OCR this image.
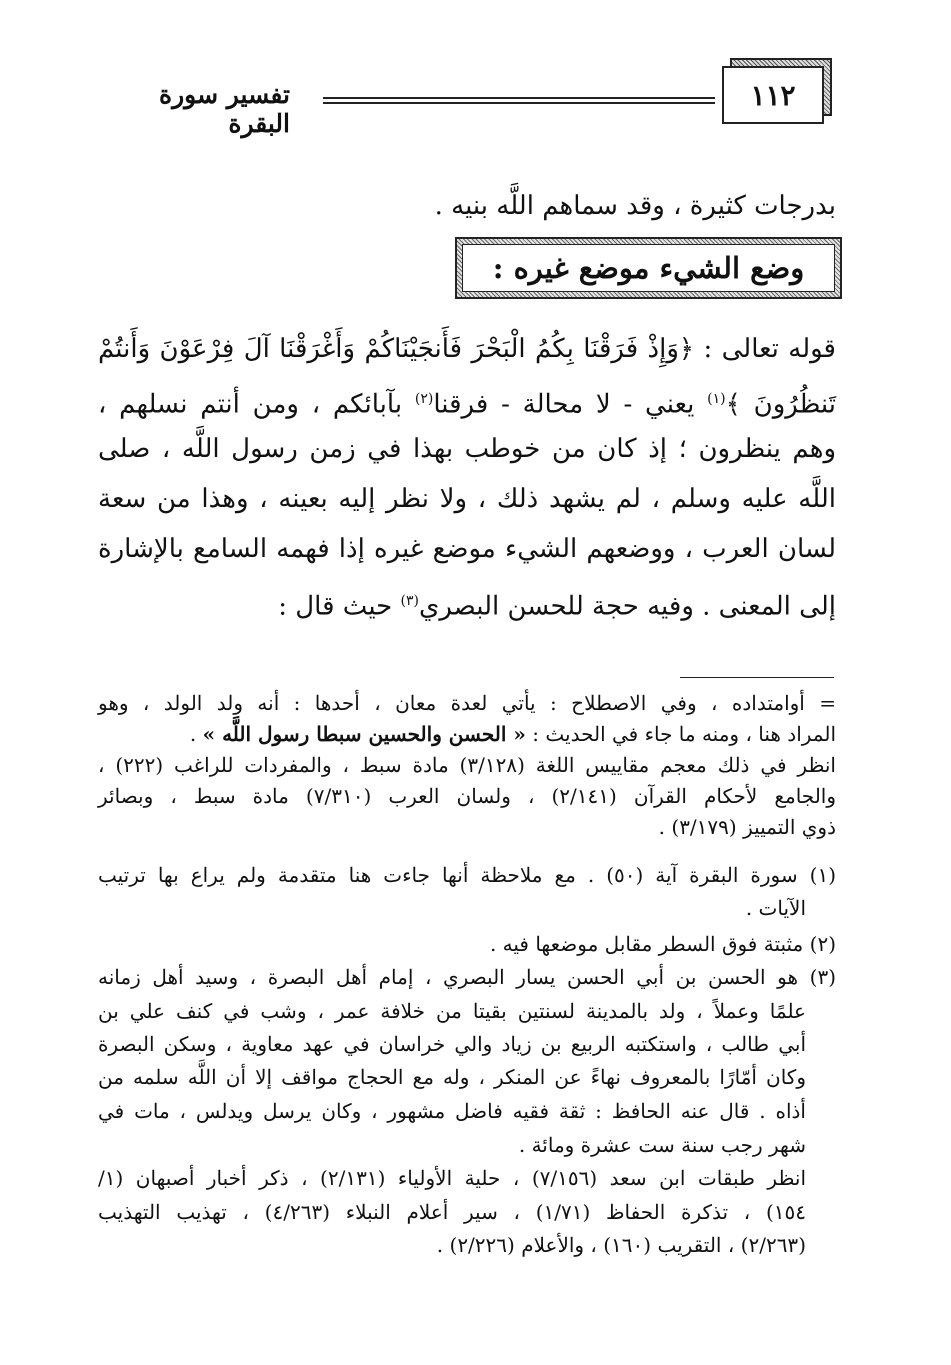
١١٢
تفسير سورة البقرة
بدرجات كثيرة ، وقد سماهم اللَّه بنيه .
وضع الشيء موضع غيره :
قوله تعالى : ﴿وَإِذْ فَرَقْنَا بِكُمُ الْبَحْرَ فَأَنجَيْنَاكُمْ وَأَغْرَقْنَا آلَ فِرْعَوْنَ وَأَنتُمْ
تَنظُرُونَ ﴾$^{(١)}$ يعني - لا محالة - فرقنا$^{(٢)}$ بآبائكم ، ومن أنتم نسلهم ،
وهم ينظرون ؛ إذ كان من خوطب بهذا في زمن رسول اللَّه ، صلى
اللَّه عليه وسلم ، لم يشهد ذلك ، ولا نظر إليه بعينه ، وهذا من سعة
لسان العرب ، ووضعهم الشيء موضع غيره إذا فهمه السامع بالإشارة
إلى المعنى . وفيه حجة للحسن البصري$^{(٣)}$ حيث قال :
= أوامتداده ، وفي الاصطلاح : يأتي لعدة معان ، أحدها : أنه ولد الولد ، وهو
المراد هنا ، ومنه ما جاء في الحديث : « الحسن والحسين سبطا رسول اللَّه » .
انظر في ذلك معجم مقاييس اللغة (٣/١٢٨) مادة سبط ، والمفردات للراغب (٢٢٢) ،
والجامع لأحكام القرآن (٢/١٤١) ، ولسان العرب (٧/٣١٠) مادة سبط ، وبصائر
ذوي التمييز (٣/١٧٩) .
(١) سورة البقرة آية (٥٠) . مع ملاحظة أنها جاءت هنا متقدمة ولم يراع بها ترتيب
الآيات .
(٢) مثبتة فوق السطر مقابل موضعها فيه .
(٣) هو الحسن بن أبي الحسن يسار البصري ، إمام أهل البصرة ، وسيد أهل زمانه
علمًا وعملاً ، ولد بالمدينة لسنتين بقيتا من خلافة عمر ، وشب في كنف علي بن
أبي طالب ، واستكتبه الربيع بن زياد والي خراسان في عهد معاوية ، وسكن البصرة
وكان أمّارًا بالمعروف نهاءً عن المنكر ، وله مع الحجاج مواقف إلا أن اللَّه سلمه من
أذاه . قال عنه الحافظ : ثقة فقيه فاضل مشهور ، وكان يرسل ويدلس ، مات في
شهر رجب سنة ست عشرة ومائة .
انظر طبقات ابن سعد (٧/١٥٦) ، حلية الأولياء (٢/١٣١) ، ذكر أخبار أصبهان (١/
١٥٤) ، تذكرة الحفاظ (١/٧١) ، سير أعلام النبلاء (٤/٢٦٣) ، تهذيب التهذيب
(٢/٢٦٣) ، التقريب (١٦٠) ، والأعلام (٢/٢٢٦) .
